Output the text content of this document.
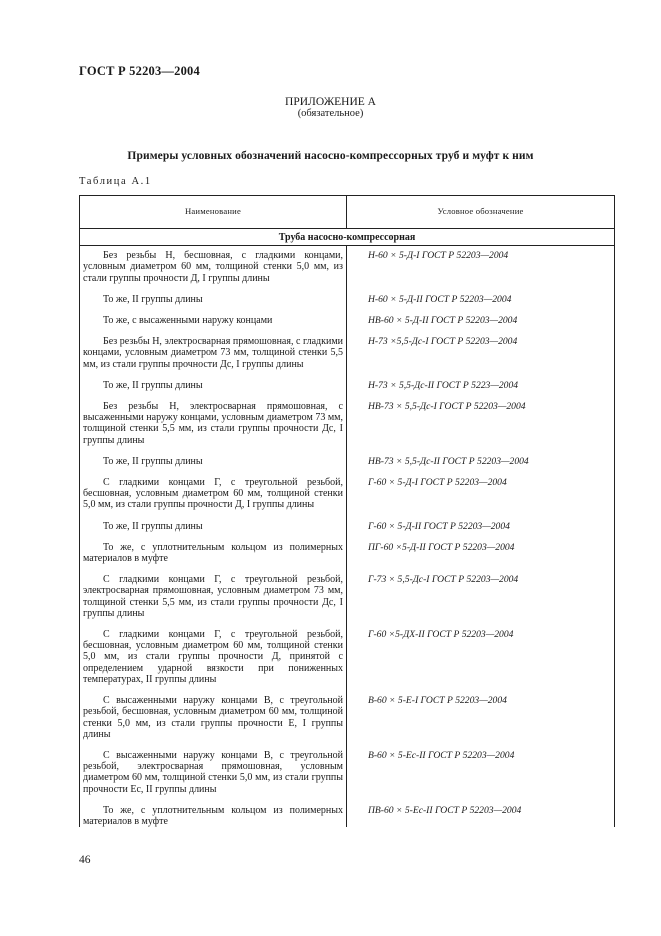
ГОСТ Р 52203—2004
ПРИЛОЖЕНИЕ А
(обязательное)
Примеры условных обозначений насосно-компрессорных труб и муфт к ним
Таблица А.1
Наименование	Условное обозначение
Труба насосно-компрессорная	
Без резьбы Н, бесшовная, с гладкими концами, условным диаметром 60 мм, толщиной стенки 5,0 мм, из стали группы прочности Д, I группы длины	Н-60 × 5-Д-I ГОСТ Р 52203—2004
То же, II группы длины	Н-60 × 5-Д-II ГОСТ Р 52203—2004
То же, с высаженными наружу концами	НВ-60 × 5-Д-II ГОСТ Р 52203—2004
Без резьбы Н, электросварная прямошовная, с гладкими концами, условным диаметром 73 мм, толщиной стенки 5,5 мм, из стали группы прочности Дс, I группы длины	Н-73 ×5,5-Дс-I ГОСТ Р 52203—2004
То же, II группы длины	Н-73 × 5,5-Дс-II ГОСТ Р 5223—2004
Без резьбы Н, электросварная прямошовная, с высаженными наружу концами, условным диаметром 73 мм, толщиной стенки 5,5 мм, из стали группы прочности Дс, I группы длины	НВ-73 × 5,5-Дс-I ГОСТ Р 52203—2004
То же, II группы длины	НВ-73 × 5,5-Дс-II ГОСТ Р 52203—2004
С гладкими концами Г, с треугольной резьбой, бесшовная, условным диаметром 60 мм, толщиной стенки 5,0 мм, из стали группы прочности Д, I группы длины	Г-60 × 5-Д-I ГОСТ Р 52203—2004
То же, II группы длины	Г-60 × 5-Д-II ГОСТ Р 52203—2004
То же, с уплотнительным кольцом из полимерных материалов в муфте	ПГ-60 ×5-Д-II ГОСТ Р 52203—2004
С гладкими концами Г, с треугольной резьбой, электросварная прямошовная, условным диаметром 73 мм, толщиной стенки 5,5 мм, из стали группы прочности Дс, I группы длины	Г-73 × 5,5-Дс-I ГОСТ Р 52203—2004
С гладкими концами Г, с треугольной резьбой, бесшовная, условным диаметром 60 мм, толщиной стенки 5,0 мм, из стали группы прочности Д, принятой с определением ударной вязкости при пониженных температурах, II группы длины	Г-60 ×5-ДХ-II ГОСТ Р 52203—2004
С высаженными наружу концами В, с треугольной резьбой, бесшовная, условным диаметром 60 мм, толщиной стенки 5,0 мм, из стали группы прочности Е, I группы длины	В-60 × 5-Е-I ГОСТ Р 52203—2004
С высаженными наружу концами В, с треугольной резьбой, электросварная прямошовная, условным диаметром 60 мм, толщиной стенки 5,0 мм, из стали группы прочности Ес, II группы длины	В-60 × 5-Ес-II ГОСТ Р 52203—2004
То же, с уплотнительным кольцом из полимерных материалов в муфте	ПВ-60 × 5-Ес-II ГОСТ Р 52203—2004
46
